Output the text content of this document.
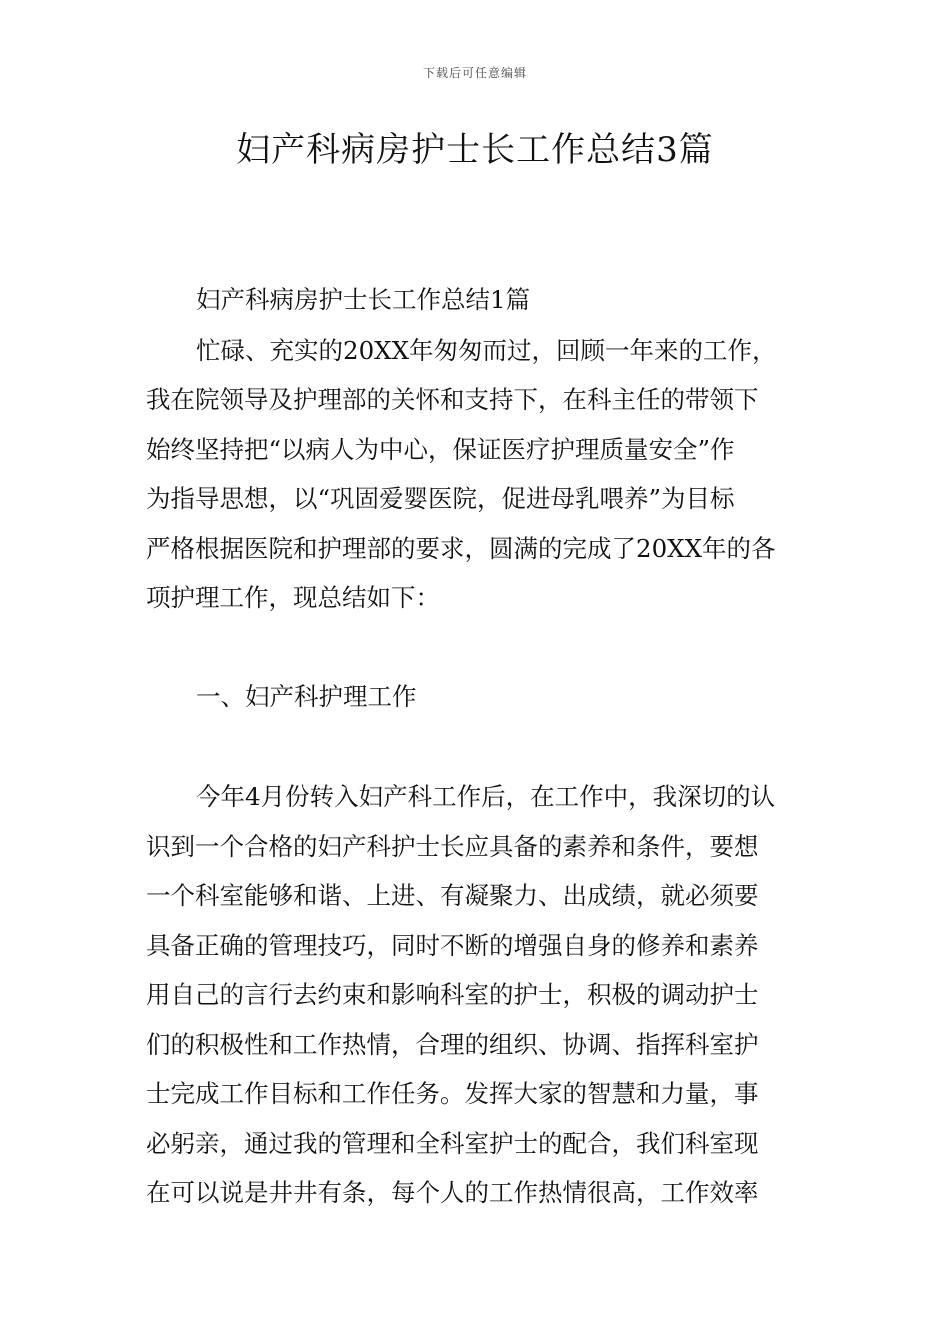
下载后可任意编辑
妇产科病房护士长工作总结3篇
妇产科病房护士长工作总结1篇
忙碌、充实的20XX年匆匆而过，回顾一年来的工作，
我在院领导及护理部的关怀和支持下，在科主任的带领下
始终坚持把“以病人为中心，保证医疗护理质量安全”作
为指导思想，以“巩固爱婴医院，促进母乳喂养”为目标
严格根据医院和护理部的要求，圆满的完成了20XX年的各
项护理工作，现总结如下：
一、妇产科护理工作
今年4月份转入妇产科工作后，在工作中，我深切的认
识到一个合格的妇产科护士长应具备的素养和条件，要想
一个科室能够和谐、上进、有凝聚力、出成绩，就必须要
具备正确的管理技巧，同时不断的增强自身的修养和素养
用自己的言行去约束和影响科室的护士，积极的调动护士
们的积极性和工作热情，合理的组织、协调、指挥科室护
士完成工作目标和工作任务。发挥大家的智慧和力量，事
必躬亲，通过我的管理和全科室护士的配合，我们科室现
在可以说是井井有条，每个人的工作热情很高，工作效率
